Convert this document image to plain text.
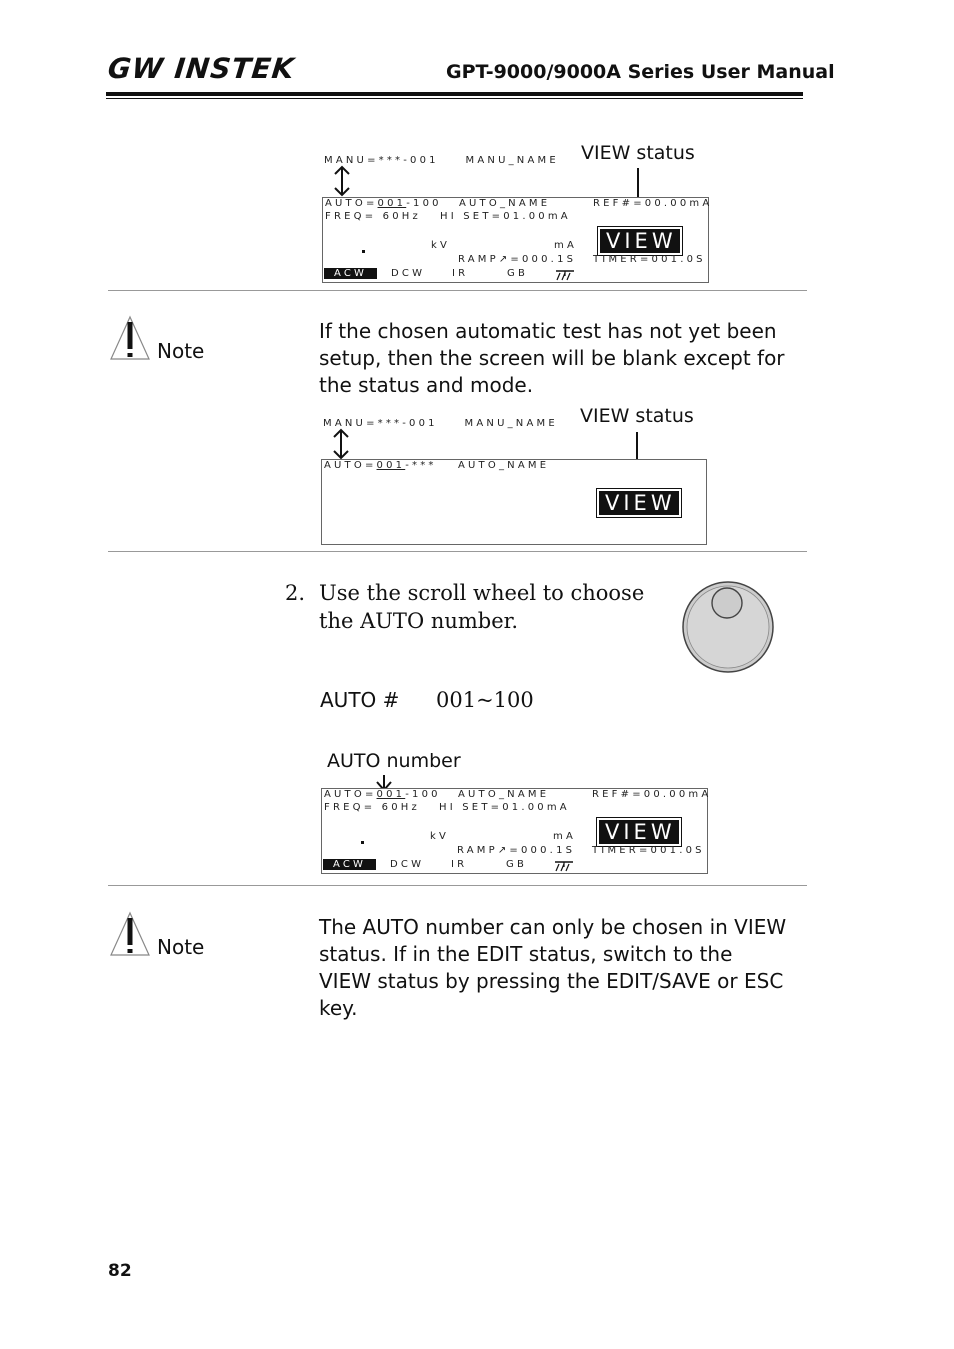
GW INSTEK	GPT-9000/9000A Series User Manual
VIEW status
MANU=***-001	MANU_NAME
AUTO=001-100 AUTO_NAME	REF#=00.00mA
FREQ= 60Hz HI SET=01.00mA
kV	mA	VIEW
RAMP↗=000.1S TIMER=001.0S
ACW	DCW	IR	GB
Note
If the chosen automatic test has not yet been setup, then the screen will be blank except for the status and mode.
VIEW status
MANU=***-001	MANU_NAME
AUTO=001-*** AUTO_NAME
VIEW
2. Use the scroll wheel to choose the AUTO number.
AUTO # 001~100
AUTO number
AUTO=001-100 AUTO_NAME	REF#=00.00mA
FREQ= 60Hz HI SET=01.00mA
kV	mA	VIEW
RAMP↗=000.1S TIMER=001.0S
ACW	DCW	IR	GB
Note
The AUTO number can only be chosen in VIEW status. If in the EDIT status, switch to the VIEW status by pressing the EDIT/SAVE or ESC key.
82
